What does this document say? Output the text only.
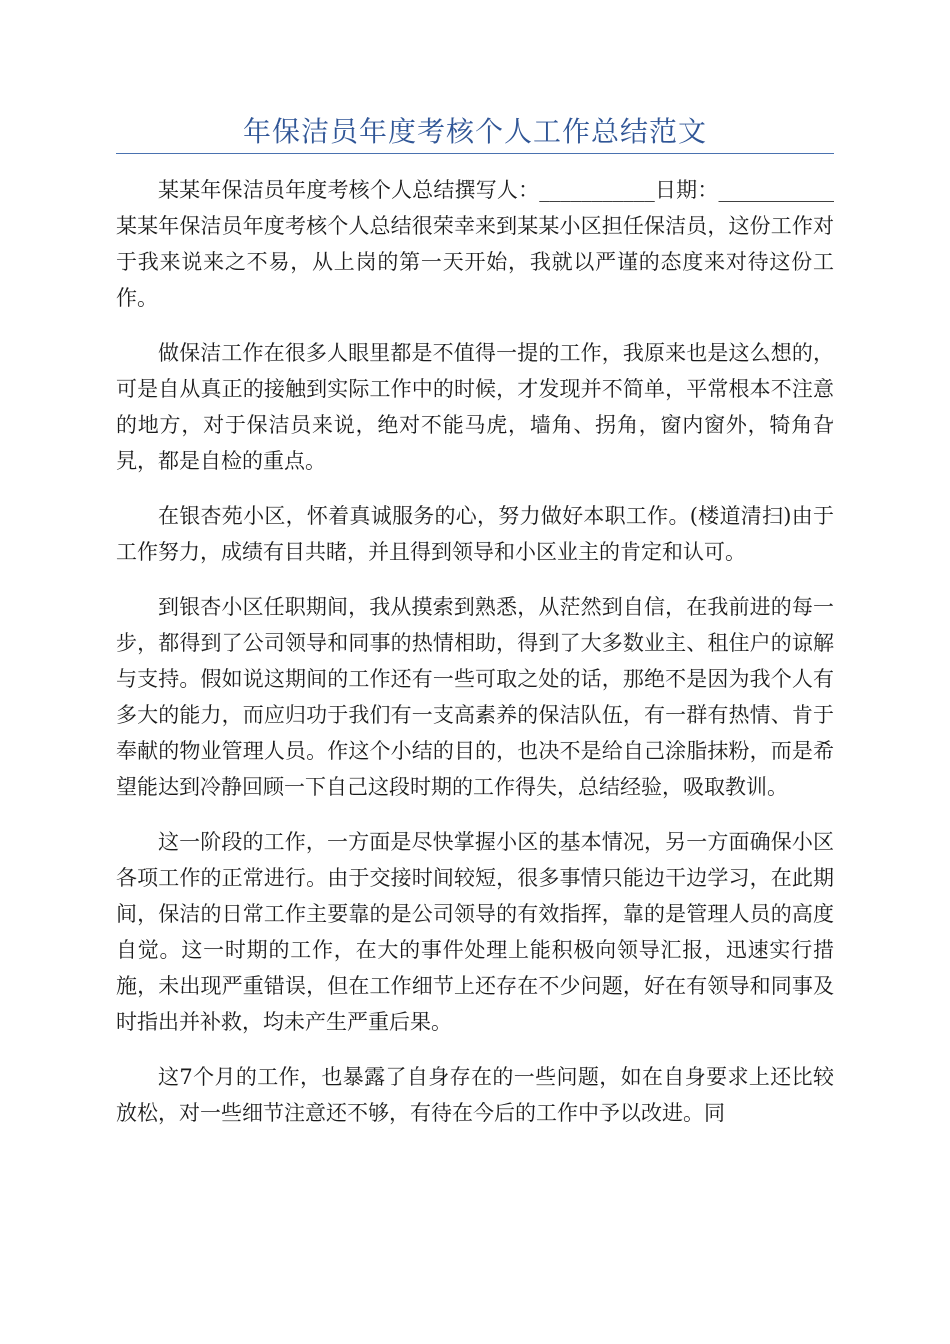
年保洁员年度考核个人工作总结范文

某某年保洁员年度考核个人总结撰写人：___________日期：___________某某年保洁员年度考核个人总结很荣幸来到某某小区担任保洁员，这份工作对于我来说来之不易，从上岗的第一天开始，我就以严谨的态度来对待这份工作。

做保洁工作在很多人眼里都是不值得一提的工作，我原来也是这么想的，可是自从真正的接触到实际工作中的时候，才发现并不简单，平常根本不注意的地方，对于保洁员来说，绝对不能马虎，墙角、拐角，窗内窗外，犄角旮旯，都是自检的重点。

在银杏苑小区，怀着真诚服务的心，努力做好本职工作。(楼道清扫)由于工作努力，成绩有目共睹，并且得到领导和小区业主的肯定和认可。

到银杏小区任职期间，我从摸索到熟悉，从茫然到自信，在我前进的每一步，都得到了公司领导和同事的热情相助，得到了大多数业主、租住户的谅解与支持。假如说这期间的工作还有一些可取之处的话，那绝不是因为我个人有多大的能力，而应归功于我们有一支高素养的保洁队伍，有一群有热情、肯于奉献的物业管理人员。作这个小结的目的，也决不是给自己涂脂抹粉，而是希望能达到冷静回顾一下自己这段时期的工作得失，总结经验，吸取教训。

这一阶段的工作，一方面是尽快掌握小区的基本情况，另一方面确保小区各项工作的正常进行。由于交接时间较短，很多事情只能边干边学习，在此期间，保洁的日常工作主要靠的是公司领导的有效指挥，靠的是管理人员的高度自觉。这一时期的工作，在大的事件处理上能积极向领导汇报，迅速实行措施，未出现严重错误，但在工作细节上还存在不少问题，好在有领导和同事及时指出并补救，均未产生严重后果。

这7个月的工作，也暴露了自身存在的一些问题，如在自身要求上还比较放松，对一些细节注意还不够，有待在今后的工作中予以改进。同
